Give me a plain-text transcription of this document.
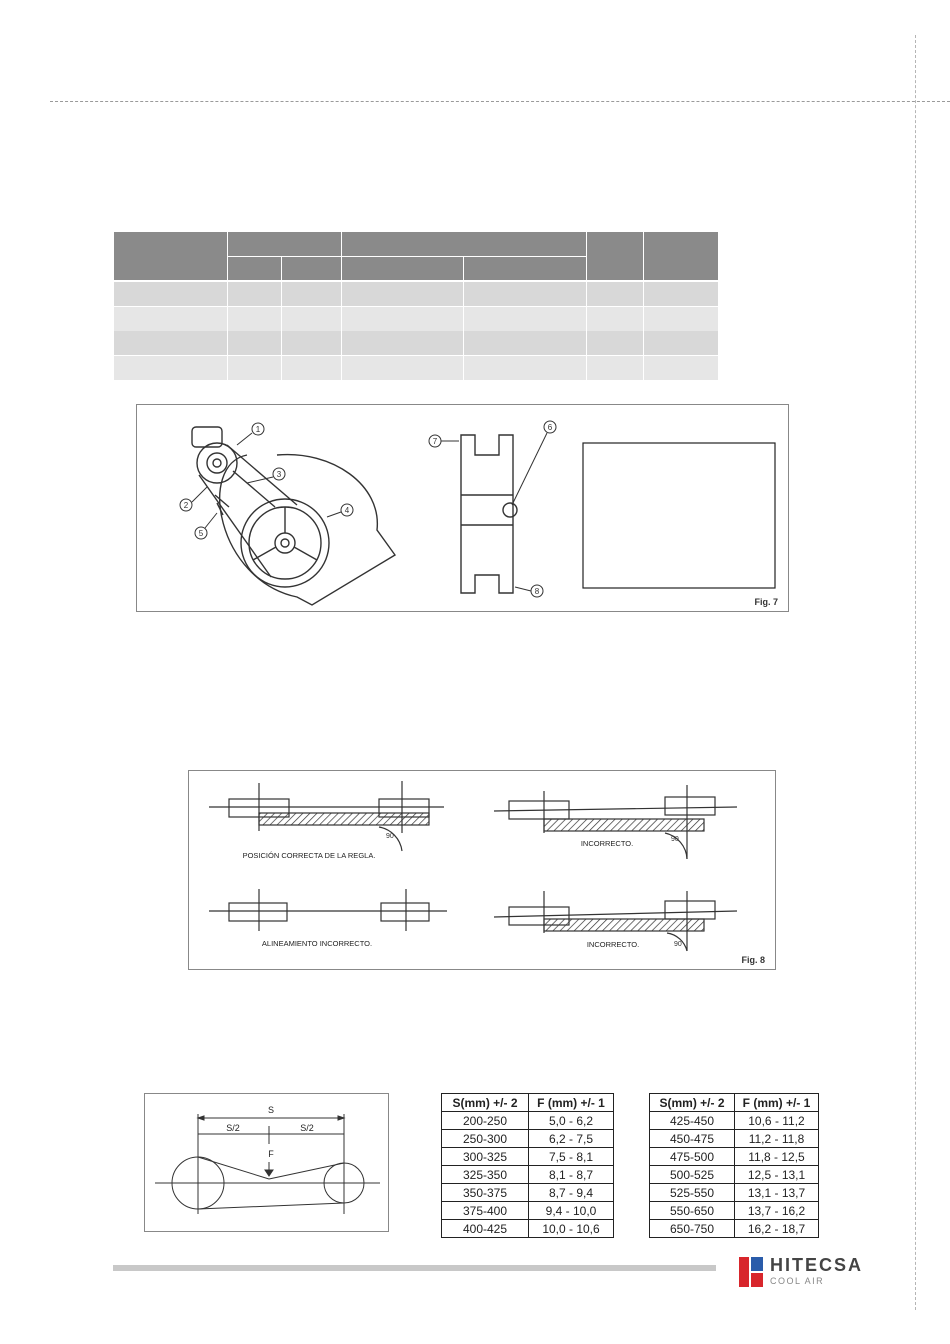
1
2
3
4
5
6
7
8
Fig. 7
90	90
90
POSICIÓN CORRECTA DE LA REGLA.
INCORRECTO.
ALINEAMIENTO INCORRECTO.	INCORRECTO.
Fig. 8
S
S/2	S/2
F
S(mm) +/- 2	F (mm) +/- 1
200-250	5,0 - 6,2
250-300	6,2 - 7,5
300-325	7,5 - 8,1
325-350	8,1 - 8,7
350-375	8,7 - 9,4
375-400	9,4 - 10,0
400-425	10,0 - 10,6
S(mm) +/- 2	F (mm) +/- 1
425-450	10,6 - 11,2
450-475	11,2 - 11,8
475-500	11,8 - 12,5
500-525	12,5 - 13,1
525-550	13,1 - 13,7
550-650	13,7 - 16,2
650-750	16,2 - 18,7
HITECSA
COOL AIR
